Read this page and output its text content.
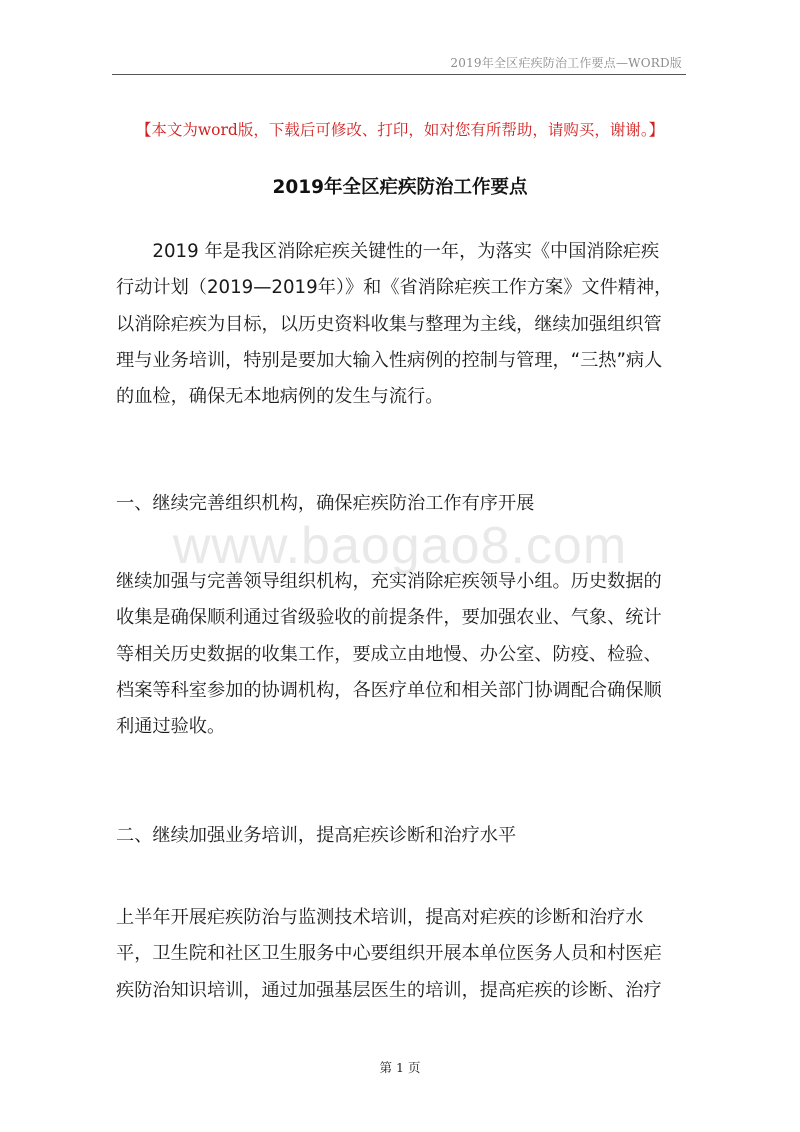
2019年全区疟疾防治工作要点—WORD版
【本文为word版，下载后可修改、打印，如对您有所帮助，请购买，谢谢。】
2019年全区疟疾防治工作要点
　　2019 年是我区消除疟疾关键性的一年，为落实《中国消除疟疾
行动计划（2019—2019年）》和《省消除疟疾工作方案》文件精神，
以消除疟疾为目标，以历史资料收集与整理为主线，继续加强组织管
理与业务培训，特别是要加大输入性病例的控制与管理，“三热”病人
的血检，确保无本地病例的发生与流行。
一、继续完善组织机构，确保疟疾防治工作有序开展
www.baogao8.com
继续加强与完善领导组织机构，充实消除疟疾领导小组。历史数据的
收集是确保顺利通过省级验收的前提条件，要加强农业、气象、统计
等相关历史数据的收集工作，要成立由地慢、办公室、防疫、检验、
档案等科室参加的协调机构，各医疗单位和相关部门协调配合确保顺
利通过验收。
二、继续加强业务培训，提高疟疾诊断和治疗水平
上半年开展疟疾防治与监测技术培训，提高对疟疾的诊断和治疗水
平，卫生院和社区卫生服务中心要组织开展本单位医务人员和村医疟
疾防治知识培训，通过加强基层医生的培训，提高疟疾的诊断、治疗
第 1 页
